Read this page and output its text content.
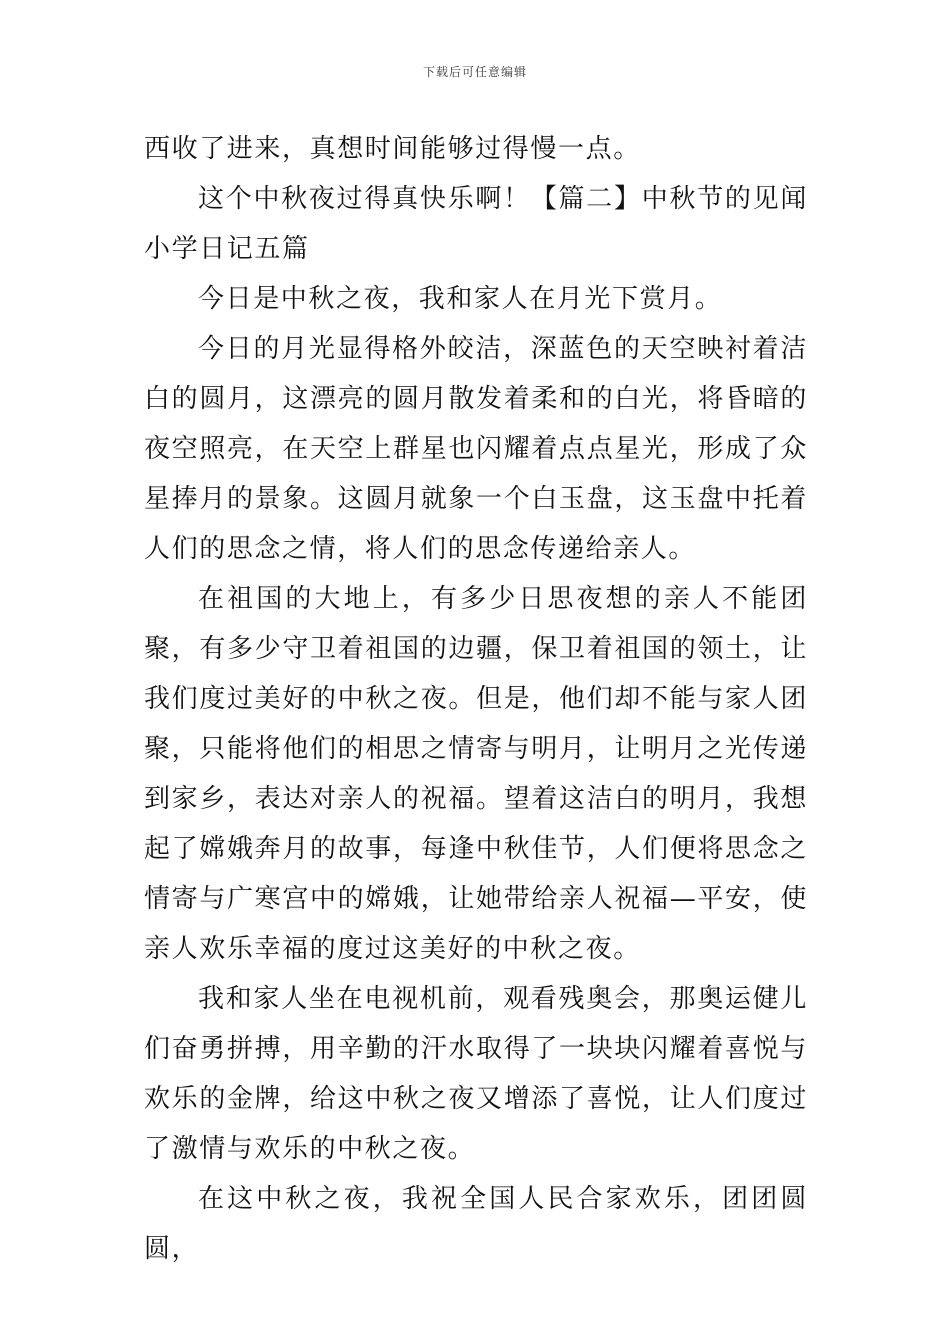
下载后可任意编辑

西收了进来，真想时间能够过得慢一点。

这个中秋夜过得真快乐啊！【篇二】中秋节的见闻小学日记五篇

今日是中秋之夜，我和家人在月光下赏月。

今日的月光显得格外皎洁，深蓝色的天空映衬着洁白的圆月，这漂亮的圆月散发着柔和的白光，将昏暗的夜空照亮，在天空上群星也闪耀着点点星光，形成了众星捧月的景象。这圆月就象一个白玉盘，这玉盘中托着人们的思念之情，将人们的思念传递给亲人。

在祖国的大地上，有多少日思夜想的亲人不能团聚，有多少守卫着祖国的边疆，保卫着祖国的领土，让我们度过美好的中秋之夜。但是，他们却不能与家人团聚，只能将他们的相思之情寄与明月，让明月之光传递到家乡，表达对亲人的祝福。望着这洁白的明月，我想起了嫦娥奔月的故事，每逢中秋佳节，人们便将思念之情寄与广寒宫中的嫦娥，让她带给亲人祝福—平安，使亲人欢乐幸福的度过这美好的中秋之夜。

我和家人坐在电视机前，观看残奥会，那奥运健儿们奋勇拼搏，用辛勤的汗水取得了一块块闪耀着喜悦与欢乐的金牌，给这中秋之夜又增添了喜悦，让人们度过了激情与欢乐的中秋之夜。

在这中秋之夜，我祝全国人民合家欢乐，团团圆圆，
